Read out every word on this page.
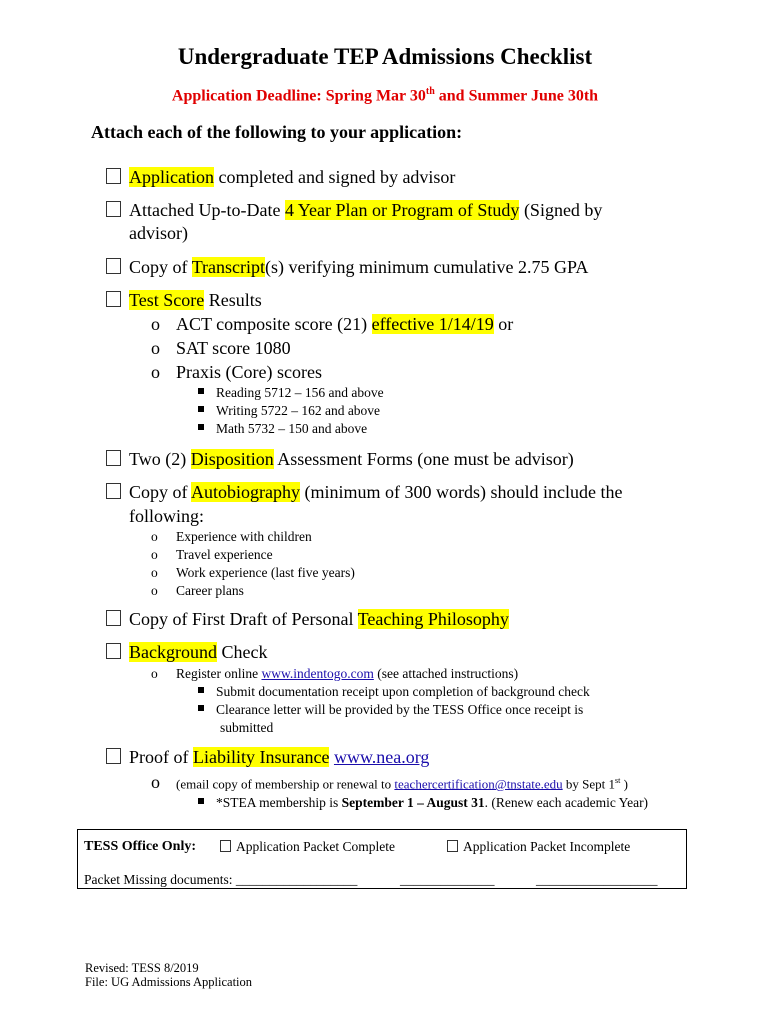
Undergraduate TEP Admissions Checklist
Application Deadline: Spring Mar 30th and Summer June 30th
Attach each of the following to your application:
Application completed and signed by advisor
Attached Up-to-Date 4 Year Plan or Program of Study (Signed by
advisor)
Copy of Transcript(s) verifying minimum cumulative 2.75 GPA
Test Score Results
o ACT composite score (21) effective 1/14/19 or
o SAT score 1080
o Praxis (Core) scores
Reading 5712 – 156 and above
Writing 5722 – 162 and above
Math 5732 – 150 and above
Two (2) Disposition Assessment Forms (one must be advisor)
Copy of Autobiography (minimum of 300 words) should include the
following:
o Experience with children
o Travel experience
o Work experience (last five years)
o Career plans
Copy of First Draft of Personal Teaching Philosophy
Background Check
o Register online www.indentogo.com (see attached instructions)
Submit documentation receipt upon completion of background check
Clearance letter will be provided by the TESS Office once receipt is
submitted
Proof of Liability Insurance www.nea.org
o (email copy of membership or renewal to teachercertification@tnstate.edu by Sept 1st )
*STEA membership is September 1 – August 31. (Renew each academic Year)
TESS Office Only:	Application Packet Complete	Application Packet Incomplete
Packet Missing documents: __________________	______________	__________________
Revised: TESS 8/2019
File: UG Admissions Application
